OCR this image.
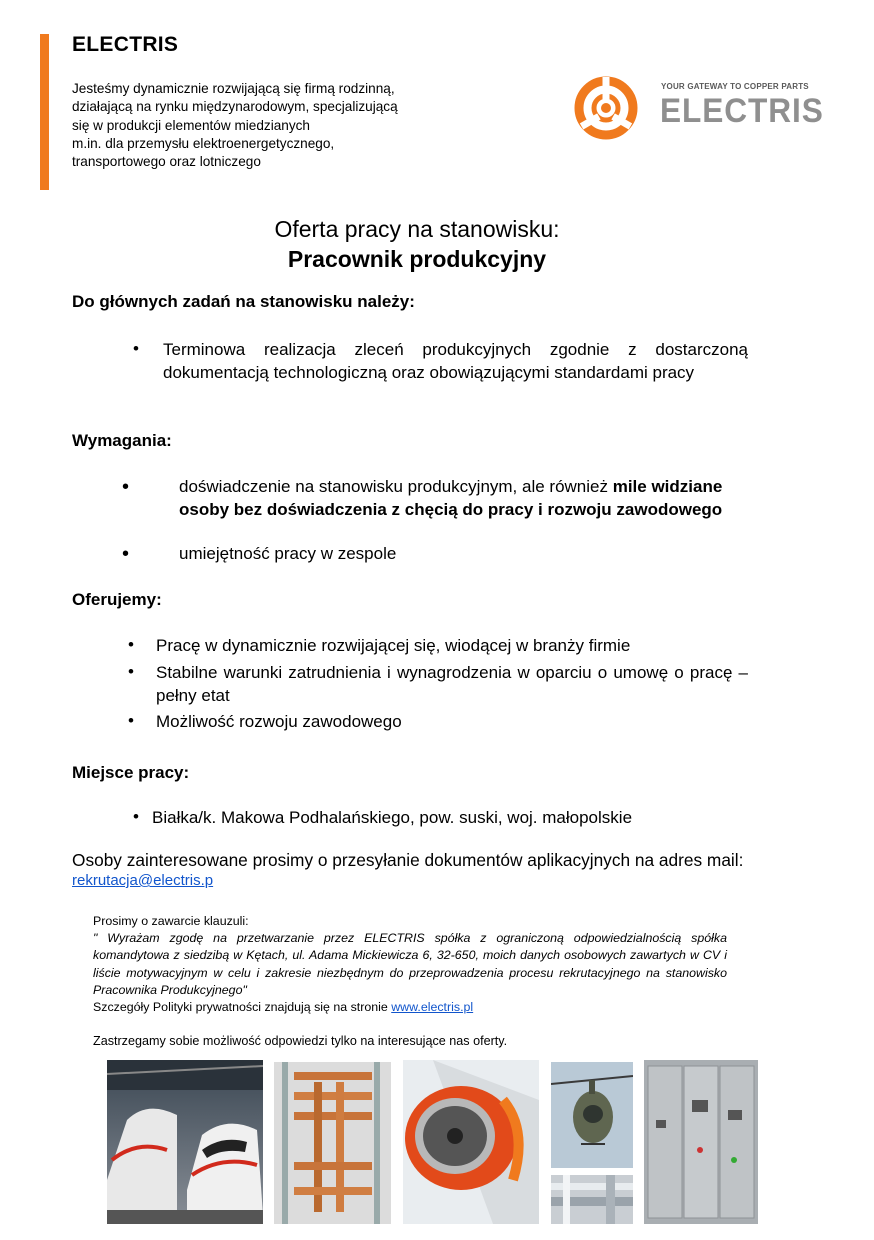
ELECTRIS
Jesteśmy dynamicznie rozwijającą się firmą rodzinną,
działającą na rynku międzynarodowym, specjalizującą
się w produkcji elementów miedzianych
m.in. dla przemysłu elektroenergetycznego,
transportowego oraz lotniczego
YOUR GATEWAY TO COPPER PARTS
ELECTRIS
Oferta pracy na stanowisku:
Pracownik produkcyjny
Do głównych zadań na stanowisku należy:
• Terminowa realizacja zleceń produkcyjnych zgodnie z dostarczoną dokumentacją technologiczną oraz obowiązującymi standardami pracy
Wymagania:
•	doświadczenie na stanowisku produkcyjnym, ale również mile widziane osoby bez doświadczenia z chęcią do pracy i rozwoju zawodowego
•	umiejętność pracy w zespole
Oferujemy:
• Pracę w dynamicznie rozwijającej się, wiodącej w branży firmie
• Stabilne warunki zatrudnienia i wynagrodzenia w oparciu o umowę o pracę – pełny etat
• Możliwość rozwoju zawodowego
Miejsce pracy:
• Białka/k. Makowa Podhalańskiego, pow. suski, woj. małopolskie
Osoby zainteresowane prosimy o przesyłanie dokumentów aplikacyjnych na adres mail:
rekrutacja@electris.p
Prosimy o zawarcie klauzuli:
" Wyrażam zgodę na przetwarzanie przez ELECTRIS spółka z ograniczoną odpowiedzialnością spółka komandytowa z siedzibą w Kętach, ul. Adama Mickiewicza 6, 32-650, moich danych osobowych zawartych w CV i liście motywacyjnym w celu i zakresie niezbędnym do przeprowadzenia procesu rekrutacyjnego na stanowisko Pracownika Produkcyjnego"
Szczegóły Polityki prywatności znajdują się na stronie www.electris.pl
Zastrzegamy sobie możliwość odpowiedzi tylko na interesujące nas oferty.
